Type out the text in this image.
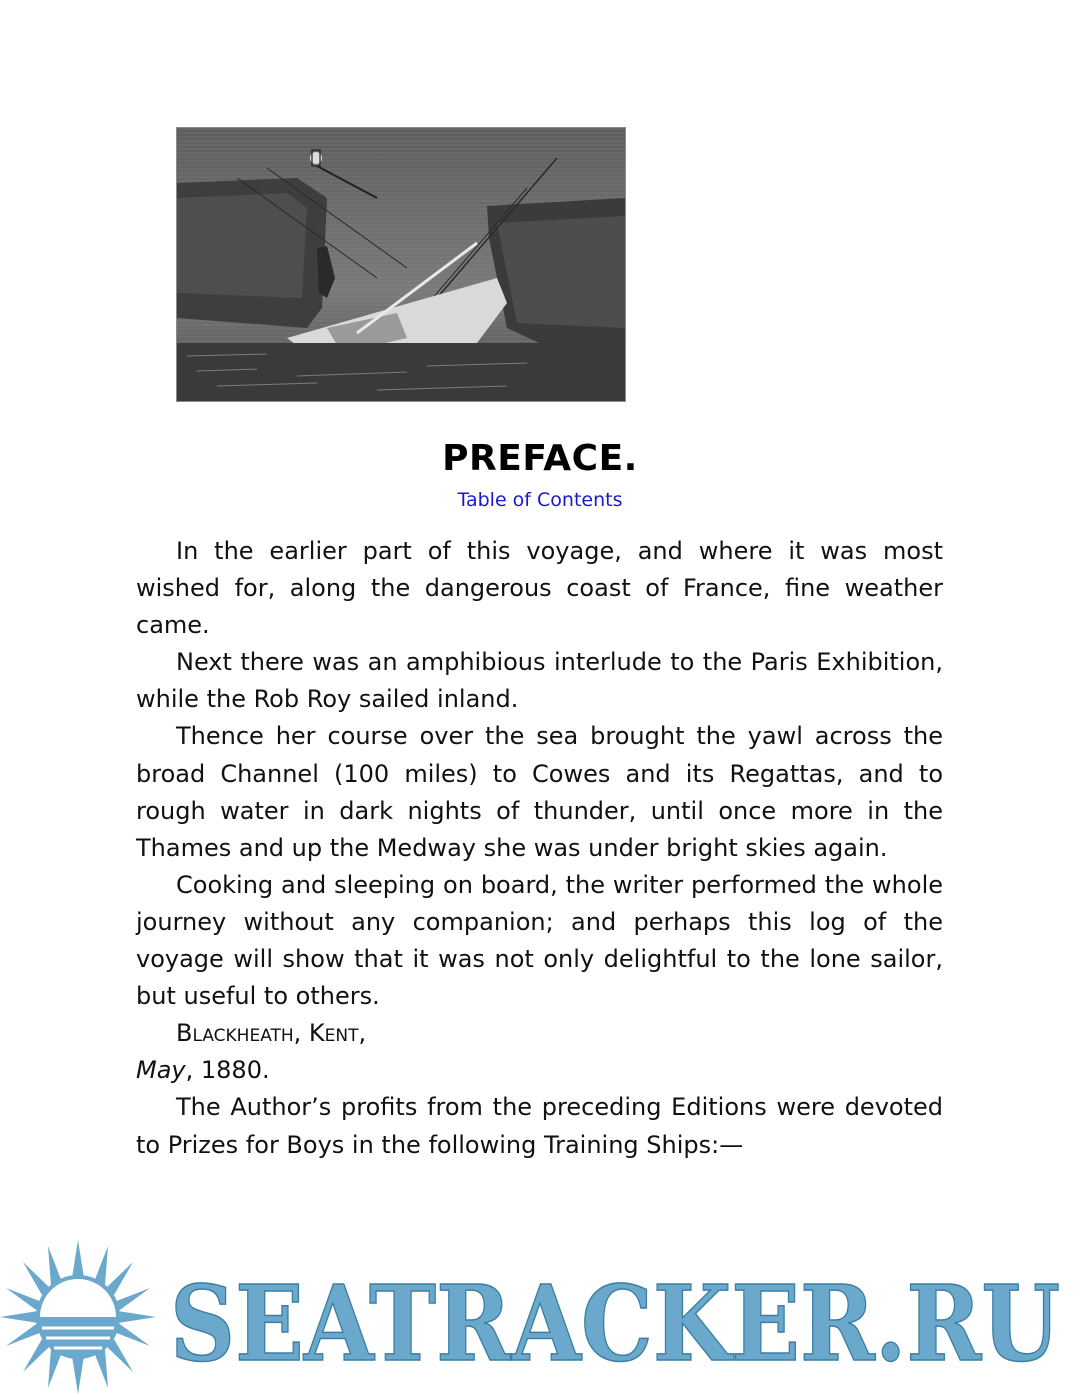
PREFACE.
Table of Contents

In the earlier part of this voyage, and where it was most wished for, along the dangerous coast of France, fine weather came.

Next there was an amphibious interlude to the Paris Exhibition, while the Rob Roy sailed inland.

Thence her course over the sea brought the yawl across the broad Channel (100 miles) to Cowes and its Regattas, and to rough water in dark nights of thunder, until once more in the Thames and up the Medway she was under bright skies again.

Cooking and sleeping on board, the writer performed the whole journey without any companion; and perhaps this log of the voyage will show that it was not only delightful to the lone sailor, but useful to others.

Blackheath, Kent,

May, 1880.

The Author’s profits from the preceding Editions were devoted to Prizes for Boys in the following Training Ships:—

SEATRACKER.RU
